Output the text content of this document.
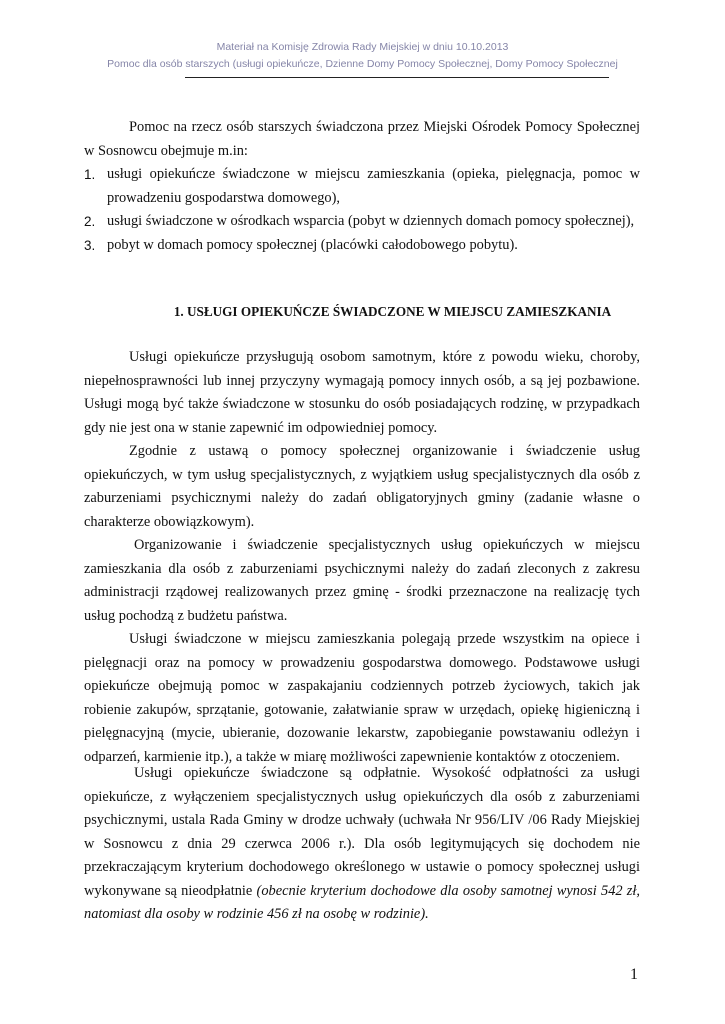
Materiał na Komisję Zdrowia Rady Miejskiej w dniu 10.10.2013
Pomoc dla osób starszych (usługi opiekuńcze, Dzienne Domy Pomocy Społecznej, Domy Pomocy Społecznej

Pomoc na rzecz osób starszych świadczona przez Miejski Ośrodek Pomocy Społecznej w Sosnowcu obejmuje m.in:

1. usługi opiekuńcze świadczone w miejscu zamieszkania (opieka, pielęgnacja, pomoc w prowadzeniu gospodarstwa domowego),
2. usługi świadczone w ośrodkach wsparcia (pobyt w dziennych domach pomocy społecznej),
3. pobyt w domach pomocy społecznej (placówki całodobowego pobytu).
1. USŁUGI OPIEKUŃCZE ŚWIADCZONE W MIEJSCU ZAMIESZKANIA

Usługi opiekuńcze przysługują osobom samotnym, które z powodu wieku, choroby, niepełnosprawności lub innej przyczyny wymagają pomocy innych osób, a są jej pozbawione. Usługi mogą być także świadczone w stosunku do osób posiadających rodzinę, w przypadkach gdy nie jest ona w stanie zapewnić im odpowiedniej pomocy.

Zgodnie z ustawą o pomocy społecznej organizowanie i świadczenie usług opiekuńczych, w tym usług specjalistycznych, z wyjątkiem usług specjalistycznych dla osób z zaburzeniami psychicznymi należy do zadań obligatoryjnych gminy (zadanie własne o charakterze obowiązkowym).

Organizowanie i świadczenie specjalistycznych usług opiekuńczych w miejscu zamieszkania dla osób z zaburzeniami psychicznymi należy do zadań zleconych z zakresu administracji rządowej realizowanych przez gminę - środki przeznaczone na realizację tych usług pochodzą z budżetu państwa.

Usługi świadczone w miejscu zamieszkania polegają przede wszystkim na opiece i pielęgnacji oraz na pomocy w prowadzeniu gospodarstwa domowego. Podstawowe usługi opiekuńcze obejmują pomoc w zaspakajaniu codziennych potrzeb życiowych, takich jak robienie zakupów, sprzątanie, gotowanie, załatwianie spraw w urzędach, opiekę higieniczną i pielęgnacyjną (mycie, ubieranie, dozowanie lekarstw, zapobieganie powstawaniu odleżyn i odparzeń, karmienie itp.), a także w miarę możliwości zapewnienie kontaktów z otoczeniem.

Usługi opiekuńcze świadczone są odpłatnie. Wysokość odpłatności za usługi opiekuńcze, z wyłączeniem specjalistycznych usług opiekuńczych dla osób z zaburzeniami psychicznymi, ustala Rada Gminy w drodze uchwały (uchwała Nr 956/LIV /06 Rady Miejskiej w Sosnowcu z dnia 29 czerwca 2006 r.). Dla osób legitymujących się dochodem nie przekraczającym kryterium dochodowego określonego w ustawie o pomocy społecznej usługi wykonywane są nieodpłatnie (obecnie kryterium dochodowe dla osoby samotnej wynosi 542 zł, natomiast dla osoby w rodzinie 456 zł na osobę w rodzinie).

1
